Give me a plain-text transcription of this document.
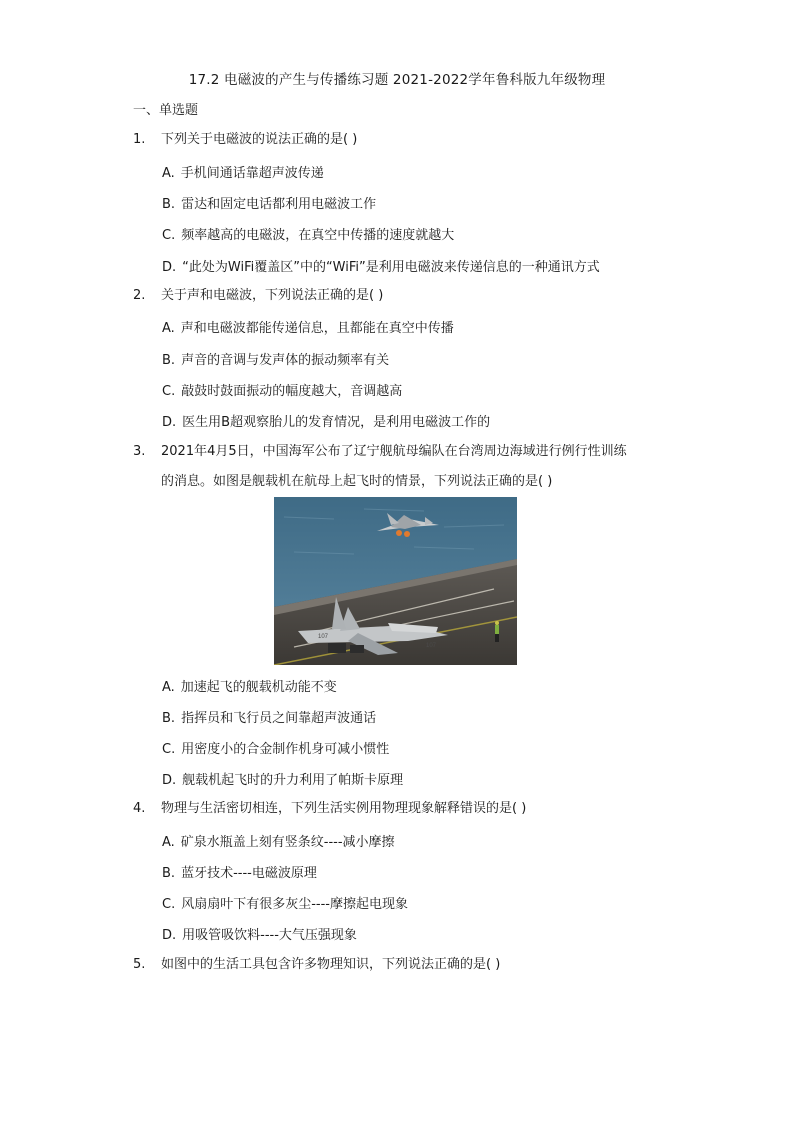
17.2 电磁波的产生与传播练习题 2021-2022学年鲁科版九年级物理
一、单选题
1. 下列关于电磁波的说法正确的是( )
A. 手机间通话靠超声波传递
B. 雷达和固定电话都利用电磁波工作
C. 频率越高的电磁波，在真空中传播的速度就越大
D. “此处为WiFi覆盖区”中的“WiFi”是利用电磁波来传递信息的一种通讯方式
2. 关于声和电磁波，下列说法正确的是( )
A. 声和电磁波都能传递信息，且都能在真空中传播
B. 声音的音调与发声体的振动频率有关
C. 敲鼓时鼓面振动的幅度越大，音调越高
D. 医生用B超观察胎儿的发育情况，是利用电磁波工作的
3. 2021年4月5日，中国海军公布了辽宁舰航母编队在台湾周边海域进行例行性训练
的消息。如图是舰载机在航母上起飞时的情景，下列说法正确的是( )
107
107
A. 加速起飞的舰载机动能不变
B. 指挥员和飞行员之间靠超声波通话
C. 用密度小的合金制作机身可减小惯性
D. 舰载机起飞时的升力利用了帕斯卡原理
4. 物理与生活密切相连，下列生活实例用物理现象解释错误的是( )
A. 矿泉水瓶盖上刻有竖条纹----减小摩擦
B. 蓝牙技术----电磁波原理
C. 风扇扇叶下有很多灰尘----摩擦起电现象
D. 用吸管吸饮料----大气压强现象
5. 如图中的生活工具包含许多物理知识，下列说法正确的是( )
